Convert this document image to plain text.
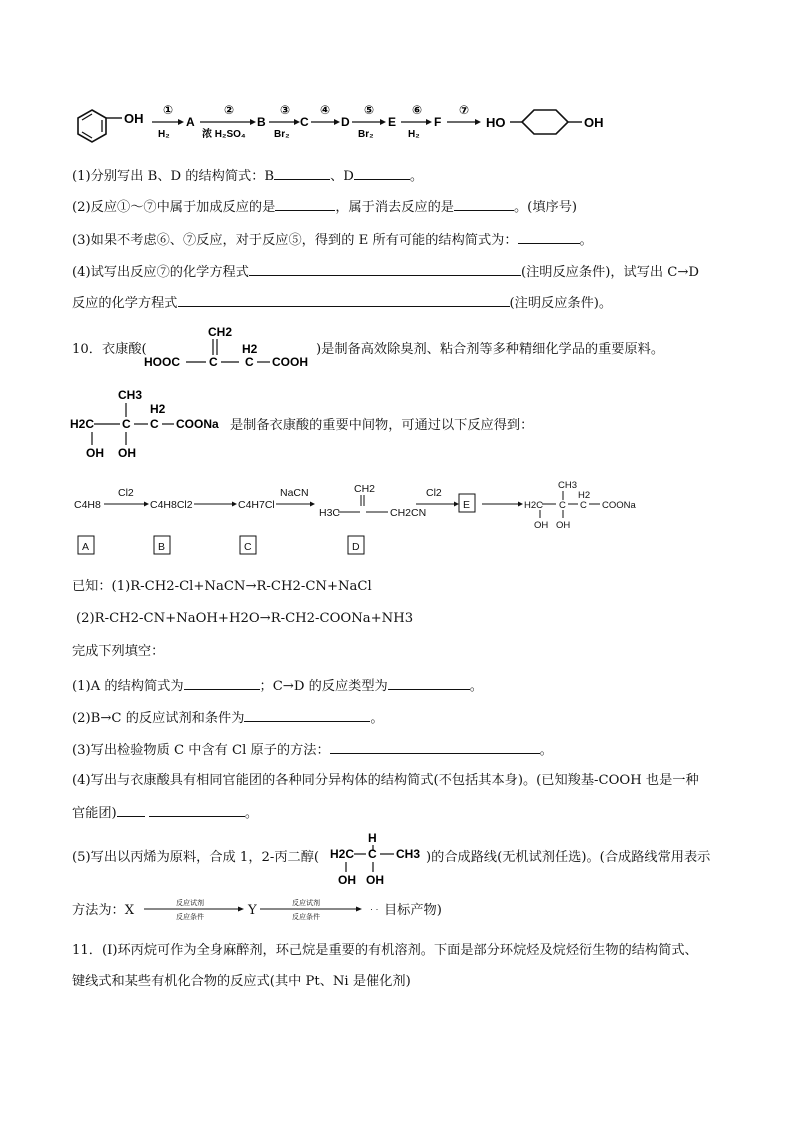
OH
①
H₂
A
②
浓 H₂SO₄
B
③
Br₂
C
④
D
⑤
Br₂
E
⑥
H₂
F
⑦
HO	OH
(1)分别写出 B、D 的结构简式：B	、D	。
(2)反应①～⑦中属于加成反应的是	，属于消去反应的是	。(填序号)
(3)如果不考虑⑥、⑦反应，对于反应⑤，得到的 E 所有可能的结构简式为：	。
(4)试写出反应⑦的化学方程式	(注明反应条件)，试写出 C→D
反应的化学方程式	(注明反应条件)。
10．衣康酸(
CH2
HOOC C
H2
C COOH
)是制备高效除臭剂、粘合剂等多种精细化学品的重要原料。
CH3
H2
H2C C C COONa
OH OH
是制备衣康酸的重要中间物，可通过以下反应得到：
C4H8
Cl2
C4H8Cl2	C4H7Cl
NaCN	CH2
H3C	CH2CN
Cl2
E
CH3
H2
H2C C C COONa
OH OH
A	B	C	D
已知：(1)R-CH2-Cl+NaCN→R-CH2-CN+NaCl
(2)R-CH2-CN+NaOH+H2O→R-CH2-COONa+NH3
完成下列填空：
(1)A 的结构简式为	；C→D 的反应类型为	。
(2)B→C 的反应试剂和条件为	。
(3)写出检验物质 C 中含有 Cl 原子的方法：	。
(4)写出与衣康酸具有相同官能团的各种同分异构体的结构简式(不包括其本身)。(已知羧基-COOH 也是一种
官能团)	。
(5)写出以丙烯为原料，合成 1，2-丙二醇(
H
H2C C CH3
OH OH
)的合成路线(无机试剂任选)。(合成路线常用表示
方法为：X	反应试剂
反应条件
反应试剂
反应条件
· ·
Y	目标产物)
11．(Ⅰ)环丙烷可作为全身麻醉剂，环己烷是重要的有机溶剂。下面是部分环烷烃及烷烃衍生物的结构简式、
键线式和某些有机化合物的反应式(其中 Pt、Ni 是催化剂)
